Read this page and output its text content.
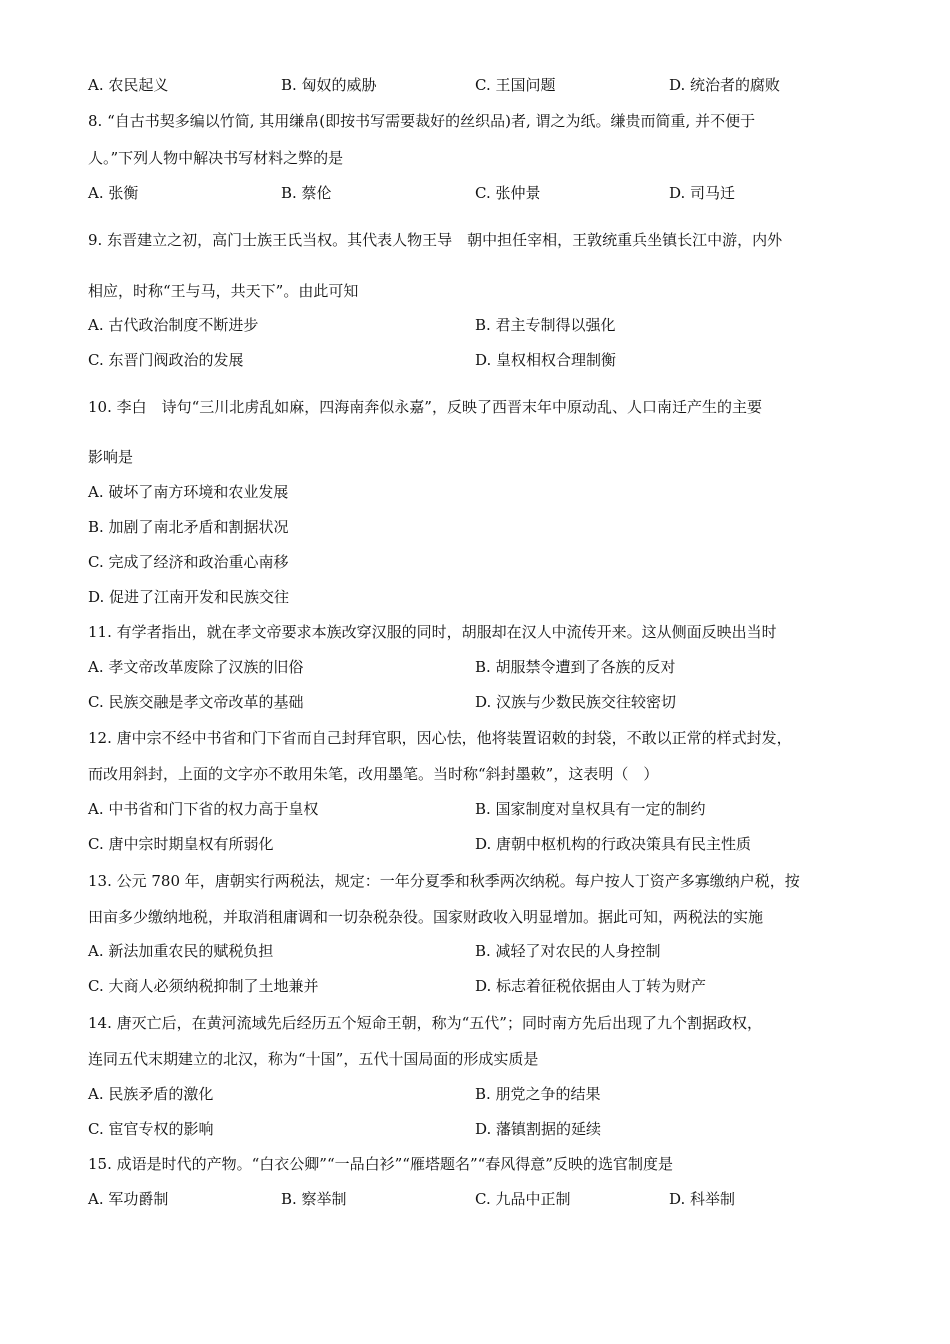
A. 农民起义	B. 匈奴的威胁	C. 王国问题	D. 统治者的腐败
8. “自古书契多编以竹简, 其用缣帛(即按书写需要裁好的丝织品)者, 谓之为纸。缣贵而简重, 并不便于
人。”下列人物中解决书写材料之弊的是
A. 张衡	B. 蔡伦	C. 张仲景	D. 司马迁
9. 东晋建立之初，高门士族王氏当权。其代表人物王导　朝中担任宰相，王敦统重兵坐镇长江中游，内外
相应，时称“王与马，共天下”。由此可知
A. 古代政治制度不断进步	B. 君主专制得以强化
C. 东晋门阀政治的发展	D. 皇权相权合理制衡
10. 李白　诗句“三川北虏乱如麻，四海南奔似永嘉”，反映了西晋末年中原动乱、人口南迁产生的主要
影响是
A. 破坏了南方环境和农业发展
B. 加剧了南北矛盾和割据状况
C. 完成了经济和政治重心南移
D. 促进了江南开发和民族交往
11. 有学者指出，就在孝文帝要求本族改穿汉服的同时，胡服却在汉人中流传开来。这从侧面反映出当时
A. 孝文帝改革废除了汉族的旧俗	B. 胡服禁令遭到了各族的反对
C. 民族交融是孝文帝改革的基础	D. 汉族与少数民族交往较密切
12. 唐中宗不经中书省和门下省而自己封拜官职，因心怯，他将装置诏敕的封袋，不敢以正常的样式封发，
而改用斜封，上面的文字亦不敢用朱笔，改用墨笔。当时称“斜封墨敕”，这表明（　）
A. 中书省和门下省的权力高于皇权	B. 国家制度对皇权具有一定的制约
C. 唐中宗时期皇权有所弱化	D. 唐朝中枢机构的行政决策具有民主性质
13. 公元 780 年，唐朝实行两税法，规定：一年分夏季和秋季两次纳税。每户按人丁资产多寡缴纳户税，按
田亩多少缴纳地税，并取消租庸调和一切杂税杂役。国家财政收入明显增加。据此可知，两税法的实施
A. 新法加重农民的赋税负担	B. 减轻了对农民的人身控制
C. 大商人必须纳税抑制了土地兼并	D. 标志着征税依据由人丁转为财产
14. 唐灭亡后，在黄河流域先后经历五个短命王朝，称为“五代”；同时南方先后出现了九个割据政权，
连同五代末期建立的北汉，称为“十国”，五代十国局面的形成实质是
A. 民族矛盾的激化	B. 朋党之争的结果
C. 宦官专权的影响	D. 藩镇割据的延续
15. 成语是时代的产物。“白衣公卿”“一品白衫”“雁塔题名”“春风得意”反映的选官制度是
A. 军功爵制	B. 察举制	C. 九品中正制	D. 科举制
